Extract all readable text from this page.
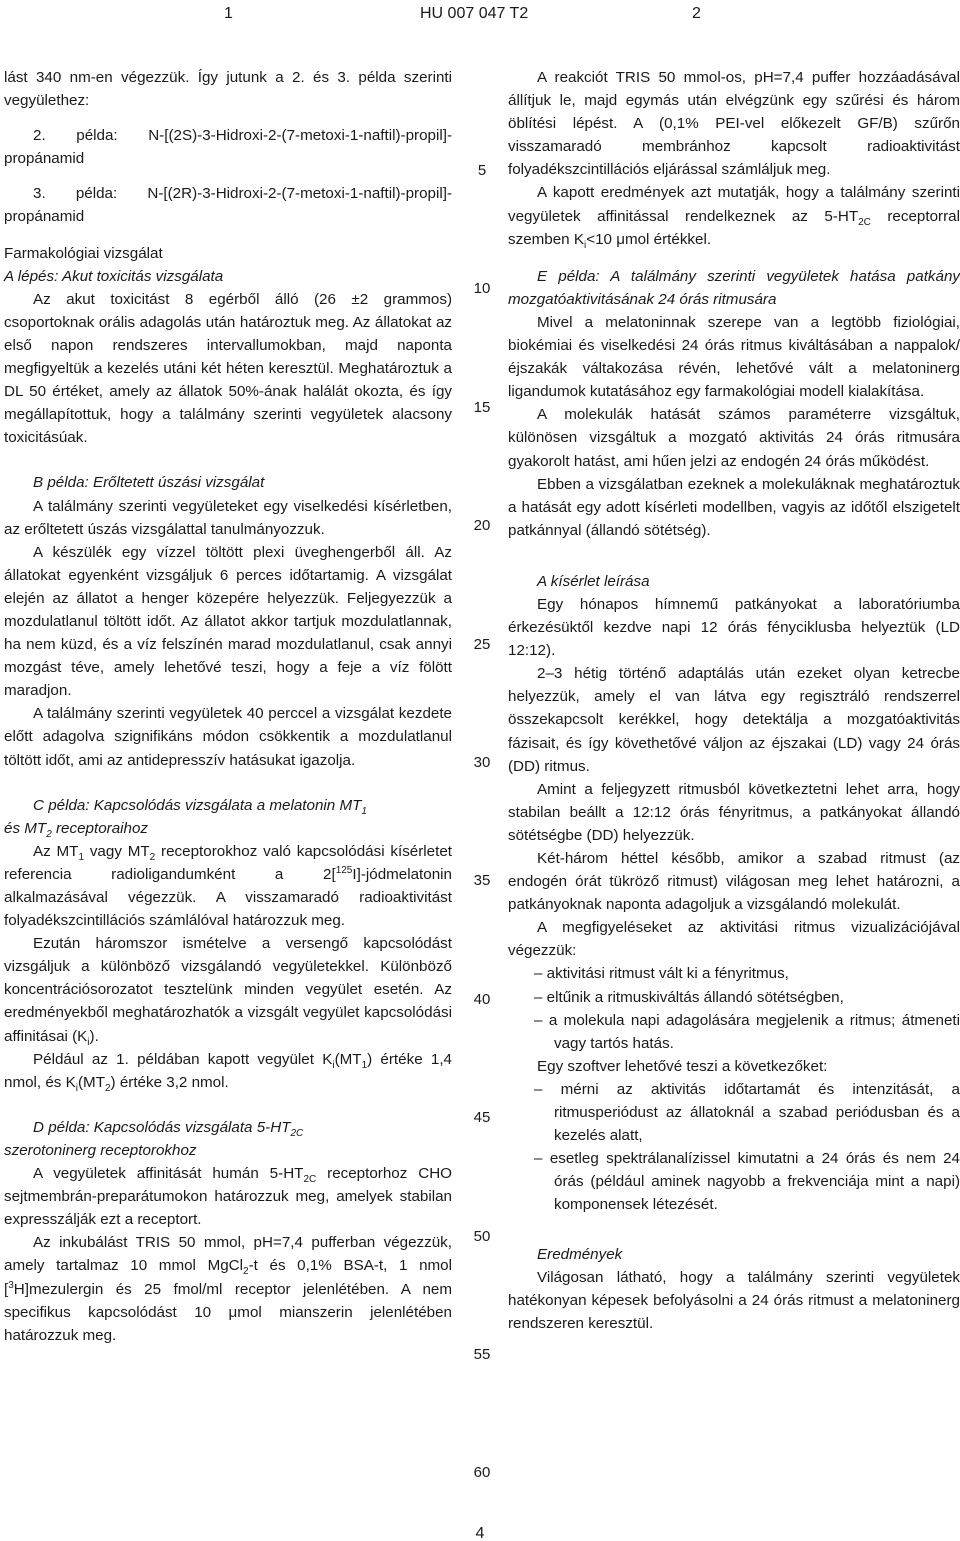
1	HU 007 047 T2	2
5
10
15
20
25
30
35
40
45
50
55
60

lást 340 nm-en végezzük. Így jutunk a 2. és 3. példa szerinti vegyülethez:

2. példa: N-[(2S)-3-Hidroxi-2-(7-metoxi-1-naftil)-propil]-propánamid

3. példa: N-[(2R)-3-Hidroxi-2-(7-metoxi-1-naftil)-propil]-propánamid

Farmakológiai vizsgálat

A lépés: Akut toxicitás vizsgálata

Az akut toxicitást 8 egérből álló (26 ±2 grammos) csoportoknak orális adagolás után határoztuk meg. Az állatokat az első napon rendszeres intervallumokban, majd naponta megfigyeltük a kezelés utáni két héten keresztül. Meghatároztuk a DL 50 értéket, amely az állatok 50%-ának halálát okozta, és így megállapítottuk, hogy a találmány szerinti vegyületek alacsony toxicitásúak.

B példa: Erőltetett úszási vizsgálat

A találmány szerinti vegyületeket egy viselkedési kísérletben, az erőltetett úszás vizsgálattal tanulmányozzuk.

A készülék egy vízzel töltött plexi üveghengerből áll. Az állatokat egyenként vizsgáljuk 6 perces időtartamig. A vizsgálat elején az állatot a henger közepére helyezzük. Feljegyezzük a mozdulatlanul töltött időt. Az állatot akkor tartjuk mozdulatlannak, ha nem küzd, és a víz felszínén marad mozdulatlanul, csak annyi mozgást téve, amely lehetővé teszi, hogy a feje a víz fölött maradjon.

A találmány szerinti vegyületek 40 perccel a vizsgálat kezdete előtt adagolva szignifikáns módon csökkentik a mozdulatlanul töltött időt, ami az antidepresszív hatásukat igazolja.

C példa: Kapcsolódás vizsgálata a melatonin $MT_1$
és $MT_2$ receptoraihoz

Az $MT_1$ vagy $MT_2$ receptorokhoz való kapcsolódási kísérletet referencia radioligandumként a 2[$^{125}$I]-jódmelatonin alkalmazásával végezzük. A visszamaradó radioaktivitást folyadékszcintillációs számlálóval határozzuk meg.

Ezután háromszor ismételve a versengő kapcsolódást vizsgáljuk a különböző vizsgálandó vegyületekkel. Különböző koncentrációsorozatot tesztelünk minden vegyület esetén. Az eredményekből meghatározhatók a vizsgált vegyület kapcsolódási affinitásai $(K_i)$.

Például az 1. példában kapott vegyület $K_i(MT_1)$ értéke 1,4 nmol, és $K_i(MT_2)$ értéke 3,2 nmol.

D példa: Kapcsolódás vizsgálata $5-HT_{2C}$
szerotoninerg receptorokhoz

A vegyületek affinitását humán $5-HT_{2C}$ receptorhoz CHO sejtmembrán-preparátumokon határozzuk meg, amelyek stabilan expresszálják ezt a receptort.

Az inkubálást TRIS 50 mmol, pH=7,4 pufferban végezzük, amely tartalmaz 10 mmol MgCl$_2$-t és 0,1% BSA-t, 1 nmol [$^3$H]mezulergin és 25 fmol/ml receptor jelenlétében. A nem specifikus kapcsolódást 10 μmol mianszerin jelenlétében határozzuk meg.

A reakciót TRIS 50 mmol-os, pH=7,4 puffer hozzáadásával állítjuk le, majd egymás után elvégzünk egy szűrési és három öblítési lépést. A (0,1% PEI-vel előkezelt GF/B) szűrőn visszamaradó membránhoz kapcsolt radioaktivitást folyadékszcintillációs eljárással számláljuk meg.

A kapott eredmények azt mutatják, hogy a találmány szerinti vegyületek affinitással rendelkeznek az $5-HT_{2C}$ receptorral szemben $K_i<10$ μmol értékkel.

E példa: A találmány szerinti vegyületek hatása patkány mozgatóaktivitásának 24 órás ritmusára

Mivel a melatoninnak szerepe van a legtöbb fiziológiai, biokémiai és viselkedési 24 órás ritmus kiváltásában a nappalok/éjszakák váltakozása révén, lehetővé vált a melatoninerg ligandumok kutatásához egy farmakológiai modell kialakítása.

A molekulák hatását számos paraméterre vizsgáltuk, különösen vizsgáltuk a mozgató aktivitás 24 órás ritmusára gyakorolt hatást, ami hűen jelzi az endogén 24 órás működést.

Ebben a vizsgálatban ezeknek a molekuláknak meghatároztuk a hatását egy adott kísérleti modellben, vagyis az időtől elszigetelt patkánnyal (állandó sötétség).

A kísérlet leírása

Egy hónapos hímnemű patkányokat a laboratóriumba érkezésüktől kezdve napi 12 órás fényciklusba helyeztük (LD 12:12).

2–3 hétig történő adaptálás után ezeket olyan ketrecbe helyezzük, amely el van látva egy regisztráló rendszerrel összekapcsolt kerékkel, hogy detektálja a mozgatóaktivitás fázisait, és így követhetővé váljon az éjszakai (LD) vagy 24 órás (DD) ritmus.

Amint a feljegyzett ritmusból következtetni lehet arra, hogy stabilan beállt a 12:12 órás fényritmus, a patkányokat állandó sötétségbe (DD) helyezzük.

Két-három héttel később, amikor a szabad ritmust (az endogén órát tükröző ritmust) világosan meg lehet határozni, a patkányoknak naponta adagoljuk a vizsgálandó molekulát.

A megfigyeléseket az aktivitási ritmus vizualizációjával végezzük:

– aktivitási ritmust vált ki a fényritmus,

– eltűnik a ritmuskiváltás állandó sötétségben,

– a molekula napi adagolására megjelenik a ritmus; átmeneti vagy tartós hatás.

Egy szoftver lehetővé teszi a következőket:

– mérni az aktivitás időtartamát és intenzitását, a ritmusperiódust az állatoknál a szabad periódusban és a kezelés alatt,

– esetleg spektrálanalízissel kimutatni a 24 órás és nem 24 órás (például aminek nagyobb a frekvenciája mint a napi) komponensek létezését.

Eredmények

Világosan látható, hogy a találmány szerinti vegyületek hatékonyan képesek befolyásolni a 24 órás ritmust a melatoninerg rendszeren keresztül.

4
